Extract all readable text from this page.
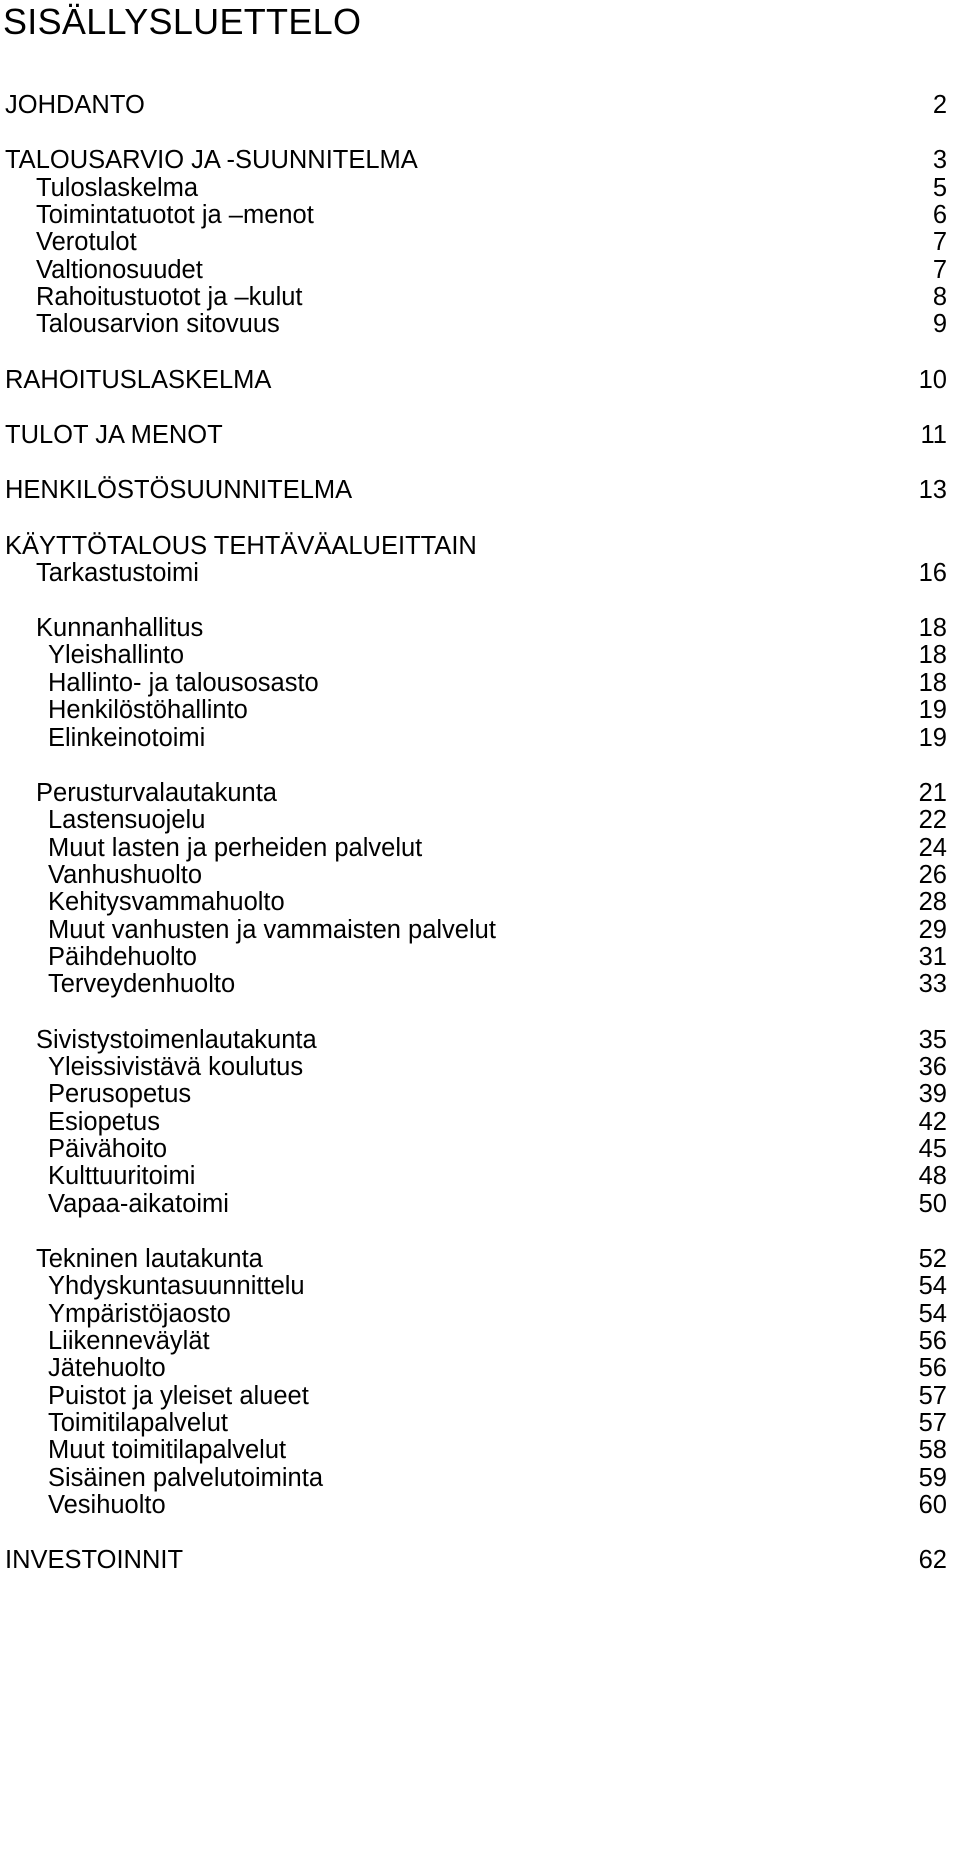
SISÄLLYSLUETTELO
JOHDANTO	2
TALOUSARVIO JA -SUUNNITELMA	3
Tuloslaskelma	5
Toimintatuotot ja –menot	6
Verotulot	7
Valtionosuudet	7
Rahoitustuotot ja –kulut	8
Talousarvion sitovuus	9
RAHOITUSLASKELMA	10
TULOT JA MENOT	11
HENKILÖSTÖSUUNNITELMA	13
KÄYTTÖTALOUS TEHTÄVÄALUEITTAIN
Tarkastustoimi	16
Kunnanhallitus	18
Yleishallinto	18
Hallinto- ja talousosasto	18
Henkilöstöhallinto	19
Elinkeinotoimi	19
Perusturvalautakunta	21
Lastensuojelu	22
Muut lasten ja perheiden palvelut	24
Vanhushuolto	26
Kehitysvammahuolto	28
Muut vanhusten ja vammaisten palvelut	29
Päihdehuolto	31
Terveydenhuolto	33
Sivistystoimenlautakunta	35
Yleissivistävä koulutus	36
Perusopetus	39
Esiopetus	42
Päivähoito	45
Kulttuuritoimi	48
Vapaa-aikatoimi	50
Tekninen lautakunta	52
Yhdyskuntasuunnittelu	54
Ympäristöjaosto	54
Liikenneväylät	56
Jätehuolto	56
Puistot ja yleiset alueet	57
Toimitilapalvelut	57
Muut toimitilapalvelut	58
Sisäinen palvelutoiminta	59
Vesihuolto	60
INVESTOINNIT	62
